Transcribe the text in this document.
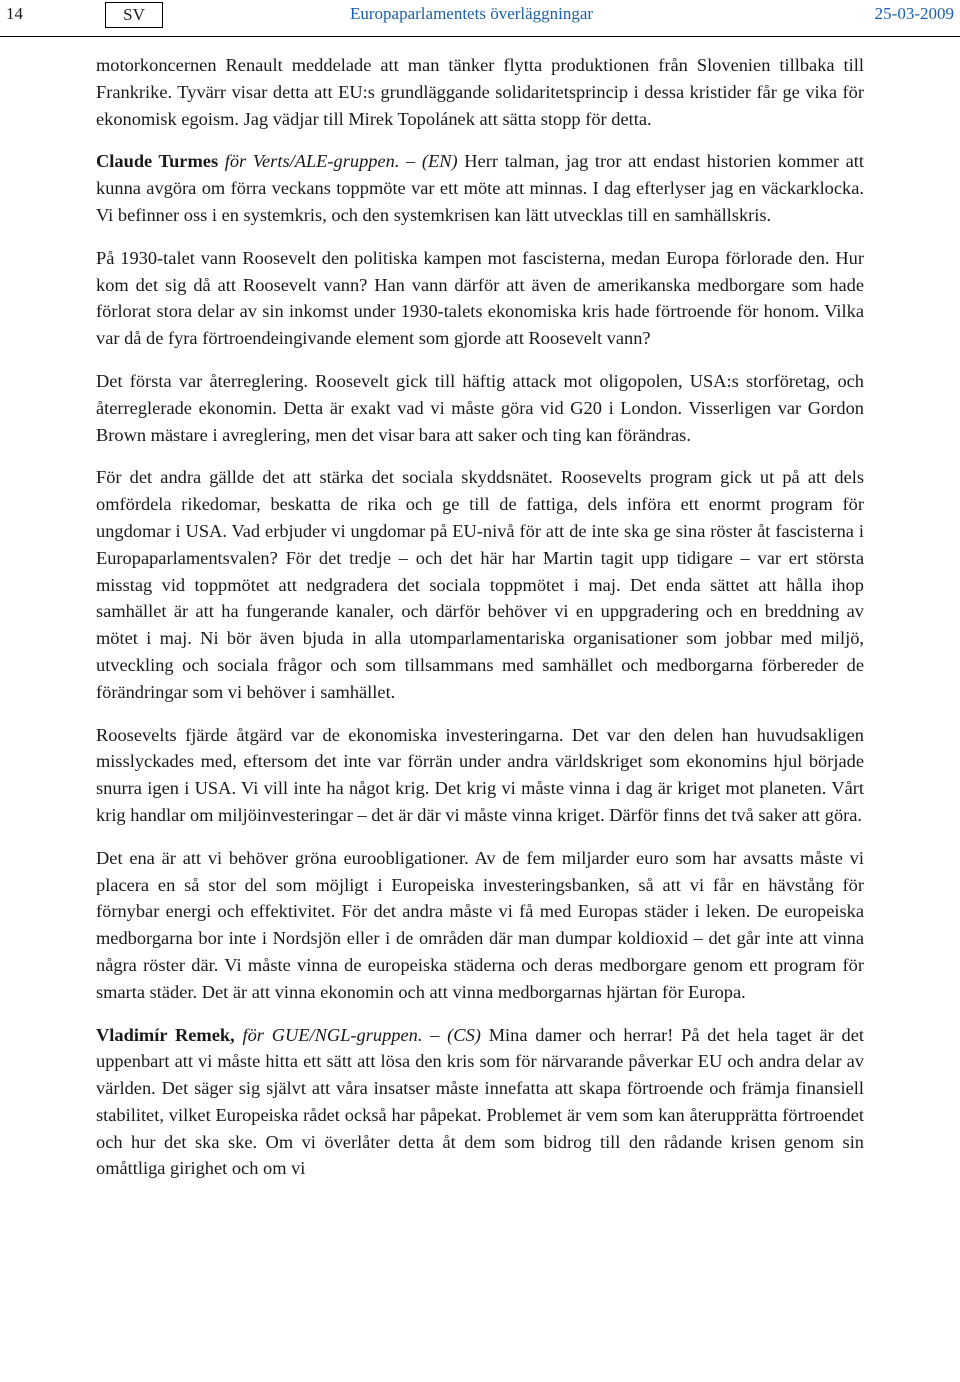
14	SV	Europaparlamentets överläggningar	25-03-2009

motorkoncernen Renault meddelade att man tänker flytta produktionen från Slovenien tillbaka till Frankrike. Tyvärr visar detta att EU:s grundläggande solidaritetsprincip i dessa kristider får ge vika för ekonomisk egoism. Jag vädjar till Mirek Topolánek att sätta stopp för detta.

Claude Turmes för Verts/ALE-gruppen. – (EN) Herr talman, jag tror att endast historien kommer att kunna avgöra om förra veckans toppmöte var ett möte att minnas. I dag efterlyser jag en väckarklocka. Vi befinner oss i en systemkris, och den systemkrisen kan lätt utvecklas till en samhällskris.

På 1930-talet vann Roosevelt den politiska kampen mot fascisterna, medan Europa förlorade den. Hur kom det sig då att Roosevelt vann? Han vann därför att även de amerikanska medborgare som hade förlorat stora delar av sin inkomst under 1930-talets ekonomiska kris hade förtroende för honom. Vilka var då de fyra förtroendeingivande element som gjorde att Roosevelt vann?

Det första var återreglering. Roosevelt gick till häftig attack mot oligopolen, USA:s storföretag, och återreglerade ekonomin. Detta är exakt vad vi måste göra vid G20 i London. Visserligen var Gordon Brown mästare i avreglering, men det visar bara att saker och ting kan förändras.

För det andra gällde det att stärka det sociala skyddsnätet. Roosevelts program gick ut på att dels omfördela rikedomar, beskatta de rika och ge till de fattiga, dels införa ett enormt program för ungdomar i USA. Vad erbjuder vi ungdomar på EU-nivå för att de inte ska ge sina röster åt fascisterna i Europaparlamentsvalen? För det tredje – och det här har Martin tagit upp tidigare – var ert största misstag vid toppmötet att nedgradera det sociala toppmötet i maj. Det enda sättet att hålla ihop samhället är att ha fungerande kanaler, och därför behöver vi en uppgradering och en breddning av mötet i maj. Ni bör även bjuda in alla utomparlamentariska organisationer som jobbar med miljö, utveckling och sociala frågor och som tillsammans med samhället och medborgarna förbereder de förändringar som vi behöver i samhället.

Roosevelts fjärde åtgärd var de ekonomiska investeringarna. Det var den delen han huvudsakligen misslyckades med, eftersom det inte var förrän under andra världskriget som ekonomins hjul började snurra igen i USA. Vi vill inte ha något krig. Det krig vi måste vinna i dag är kriget mot planeten. Vårt krig handlar om miljöinvesteringar – det är där vi måste vinna kriget. Därför finns det två saker att göra.

Det ena är att vi behöver gröna euroobligationer. Av de fem miljarder euro som har avsatts måste vi placera en så stor del som möjligt i Europeiska investeringsbanken, så att vi får en hävstång för förnybar energi och effektivitet. För det andra måste vi få med Europas städer i leken. De europeiska medborgarna bor inte i Nordsjön eller i de områden där man dumpar koldioxid – det går inte att vinna några röster där. Vi måste vinna de europeiska städerna och deras medborgare genom ett program för smarta städer. Det är att vinna ekonomin och att vinna medborgarnas hjärtan för Europa.

Vladimír Remek, för GUE/NGL-gruppen. – (CS) Mina damer och herrar! På det hela taget är det uppenbart att vi måste hitta ett sätt att lösa den kris som för närvarande påverkar EU och andra delar av världen. Det säger sig självt att våra insatser måste innefatta att skapa förtroende och främja finansiell stabilitet, vilket Europeiska rådet också har påpekat. Problemet är vem som kan återupprätta förtroendet och hur det ska ske. Om vi överlåter detta åt dem som bidrog till den rådande krisen genom sin omåttliga girighet och om vi
